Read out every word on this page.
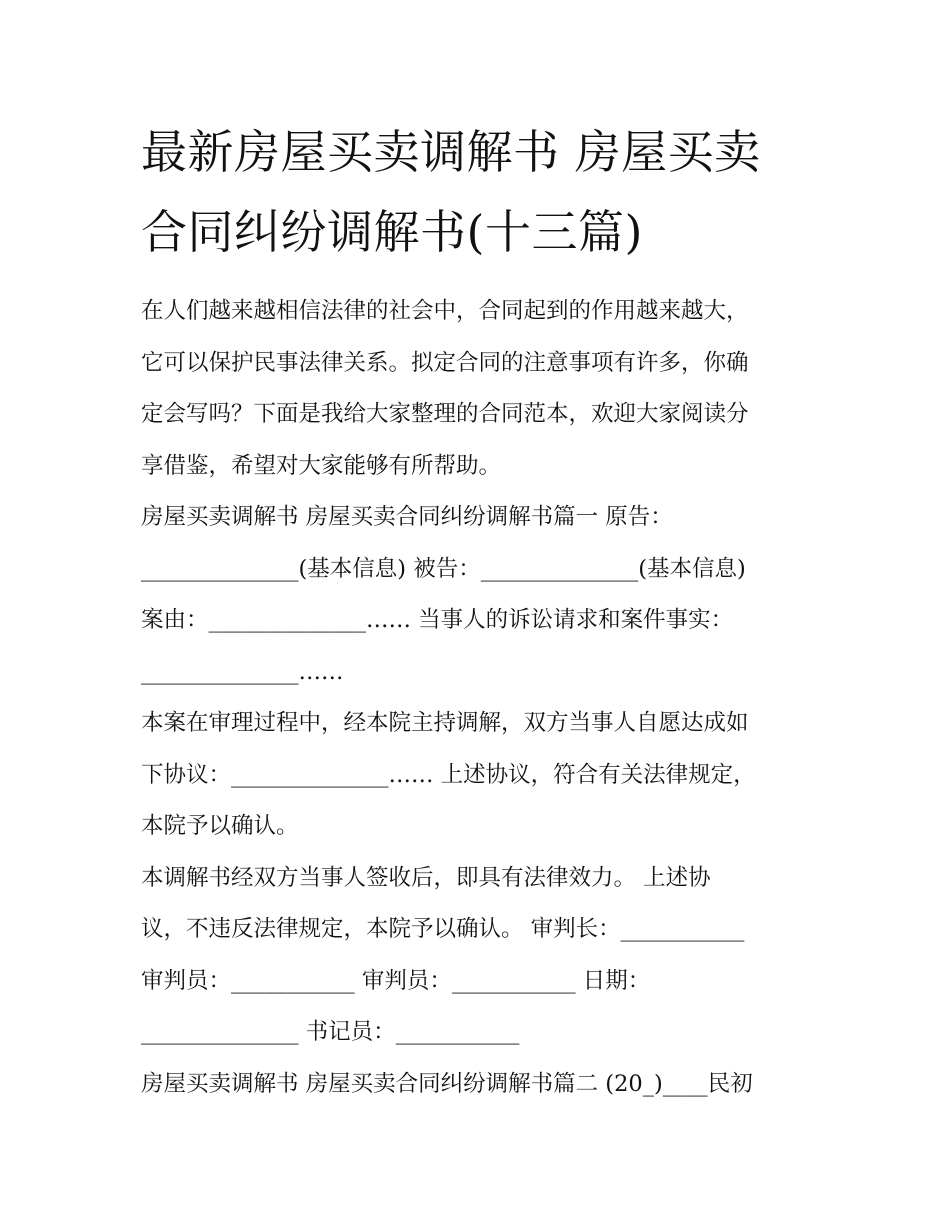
最新房屋买卖调解书 房屋买卖
合同纠纷调解书(十三篇)

在人们越来越相信法律的社会中，合同起到的作用越来越大，

它可以保护民事法律关系。拟定合同的注意事项有许多，你确

定会写吗？下面是我给大家整理的合同范本，欢迎大家阅读分

享借鉴，希望对大家能够有所帮助。

房屋买卖调解书 房屋买卖合同纠纷调解书篇一 原告：

______________(基本信息) 被告：______________(基本信息)

案由：______________…… 当事人的诉讼请求和案件事实：

______________……

本案在审理过程中，经本院主持调解，双方当事人自愿达成如

下协议：______________…… 上述协议，符合有关法律规定，

本院予以确认。

本调解书经双方当事人签收后，即具有法律效力。 上述协

议，不违反法律规定，本院予以确认。 审判长：___________

审判员：___________ 审判员：___________ 日期：

______________ 书记员：___________

房屋买卖调解书 房屋买卖合同纠纷调解书篇二 (20_)____民初
